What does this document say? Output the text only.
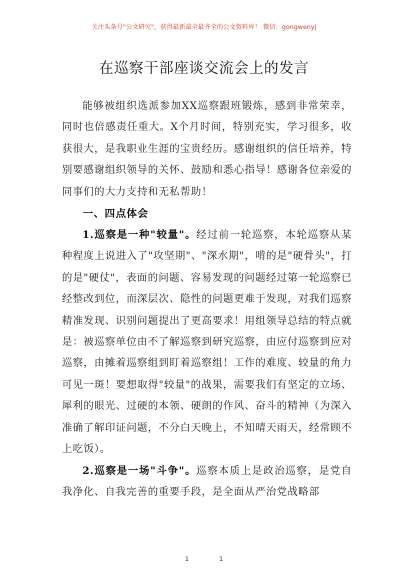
关注头条号"公文研究"，获得最新最全最齐全的公文资料库！ 微信：gongwenyj
在巡察干部座谈交流会上的发言

能够被组织选派参加XX巡察跟班锻炼，感到非常荣幸，同时也倍感责任重大。X个月时间，特别充实，学习很多，收获很大，是我职业生涯的宝贵经历。感谢组织的信任培养，特别要感谢组织领导的关怀、鼓励和悉心指导！感谢各位亲爱的同事们的大力支持和无私帮助！

一、四点体会

1.巡察是一种"较量"。经过前一轮巡察，本轮巡察从某种程度上说进入了"攻坚期"、"深水期"，啃的是"硬骨头"，打的是"硬仗"，表面的问题、容易发现的问题经过第一轮巡察已经整改到位，而深层次、隐性的问题更难于发现，对我们巡察精准发现、识别问题提出了更高要求！用组领导总结的特点就是：被巡察单位由不了解巡察到研究巡察，由应付巡察到应对巡察，由摊着巡察组到盯着巡察组！工作的难度、较量的角力可见一斑！要想取得"较量"的战果，需要我们有坚定的立场、犀利的眼光、过硬的本领、硬朗的作风、奋斗的精神（为深入准确了解印证问题，不分白天晚上，不知晴天雨天，经常顾不上吃饭）。

2.巡察是一场"斗争"。巡察本质上是政治巡察，是党自我净化、自我完善的重要手段，是全面从严治党战略部

1	1
